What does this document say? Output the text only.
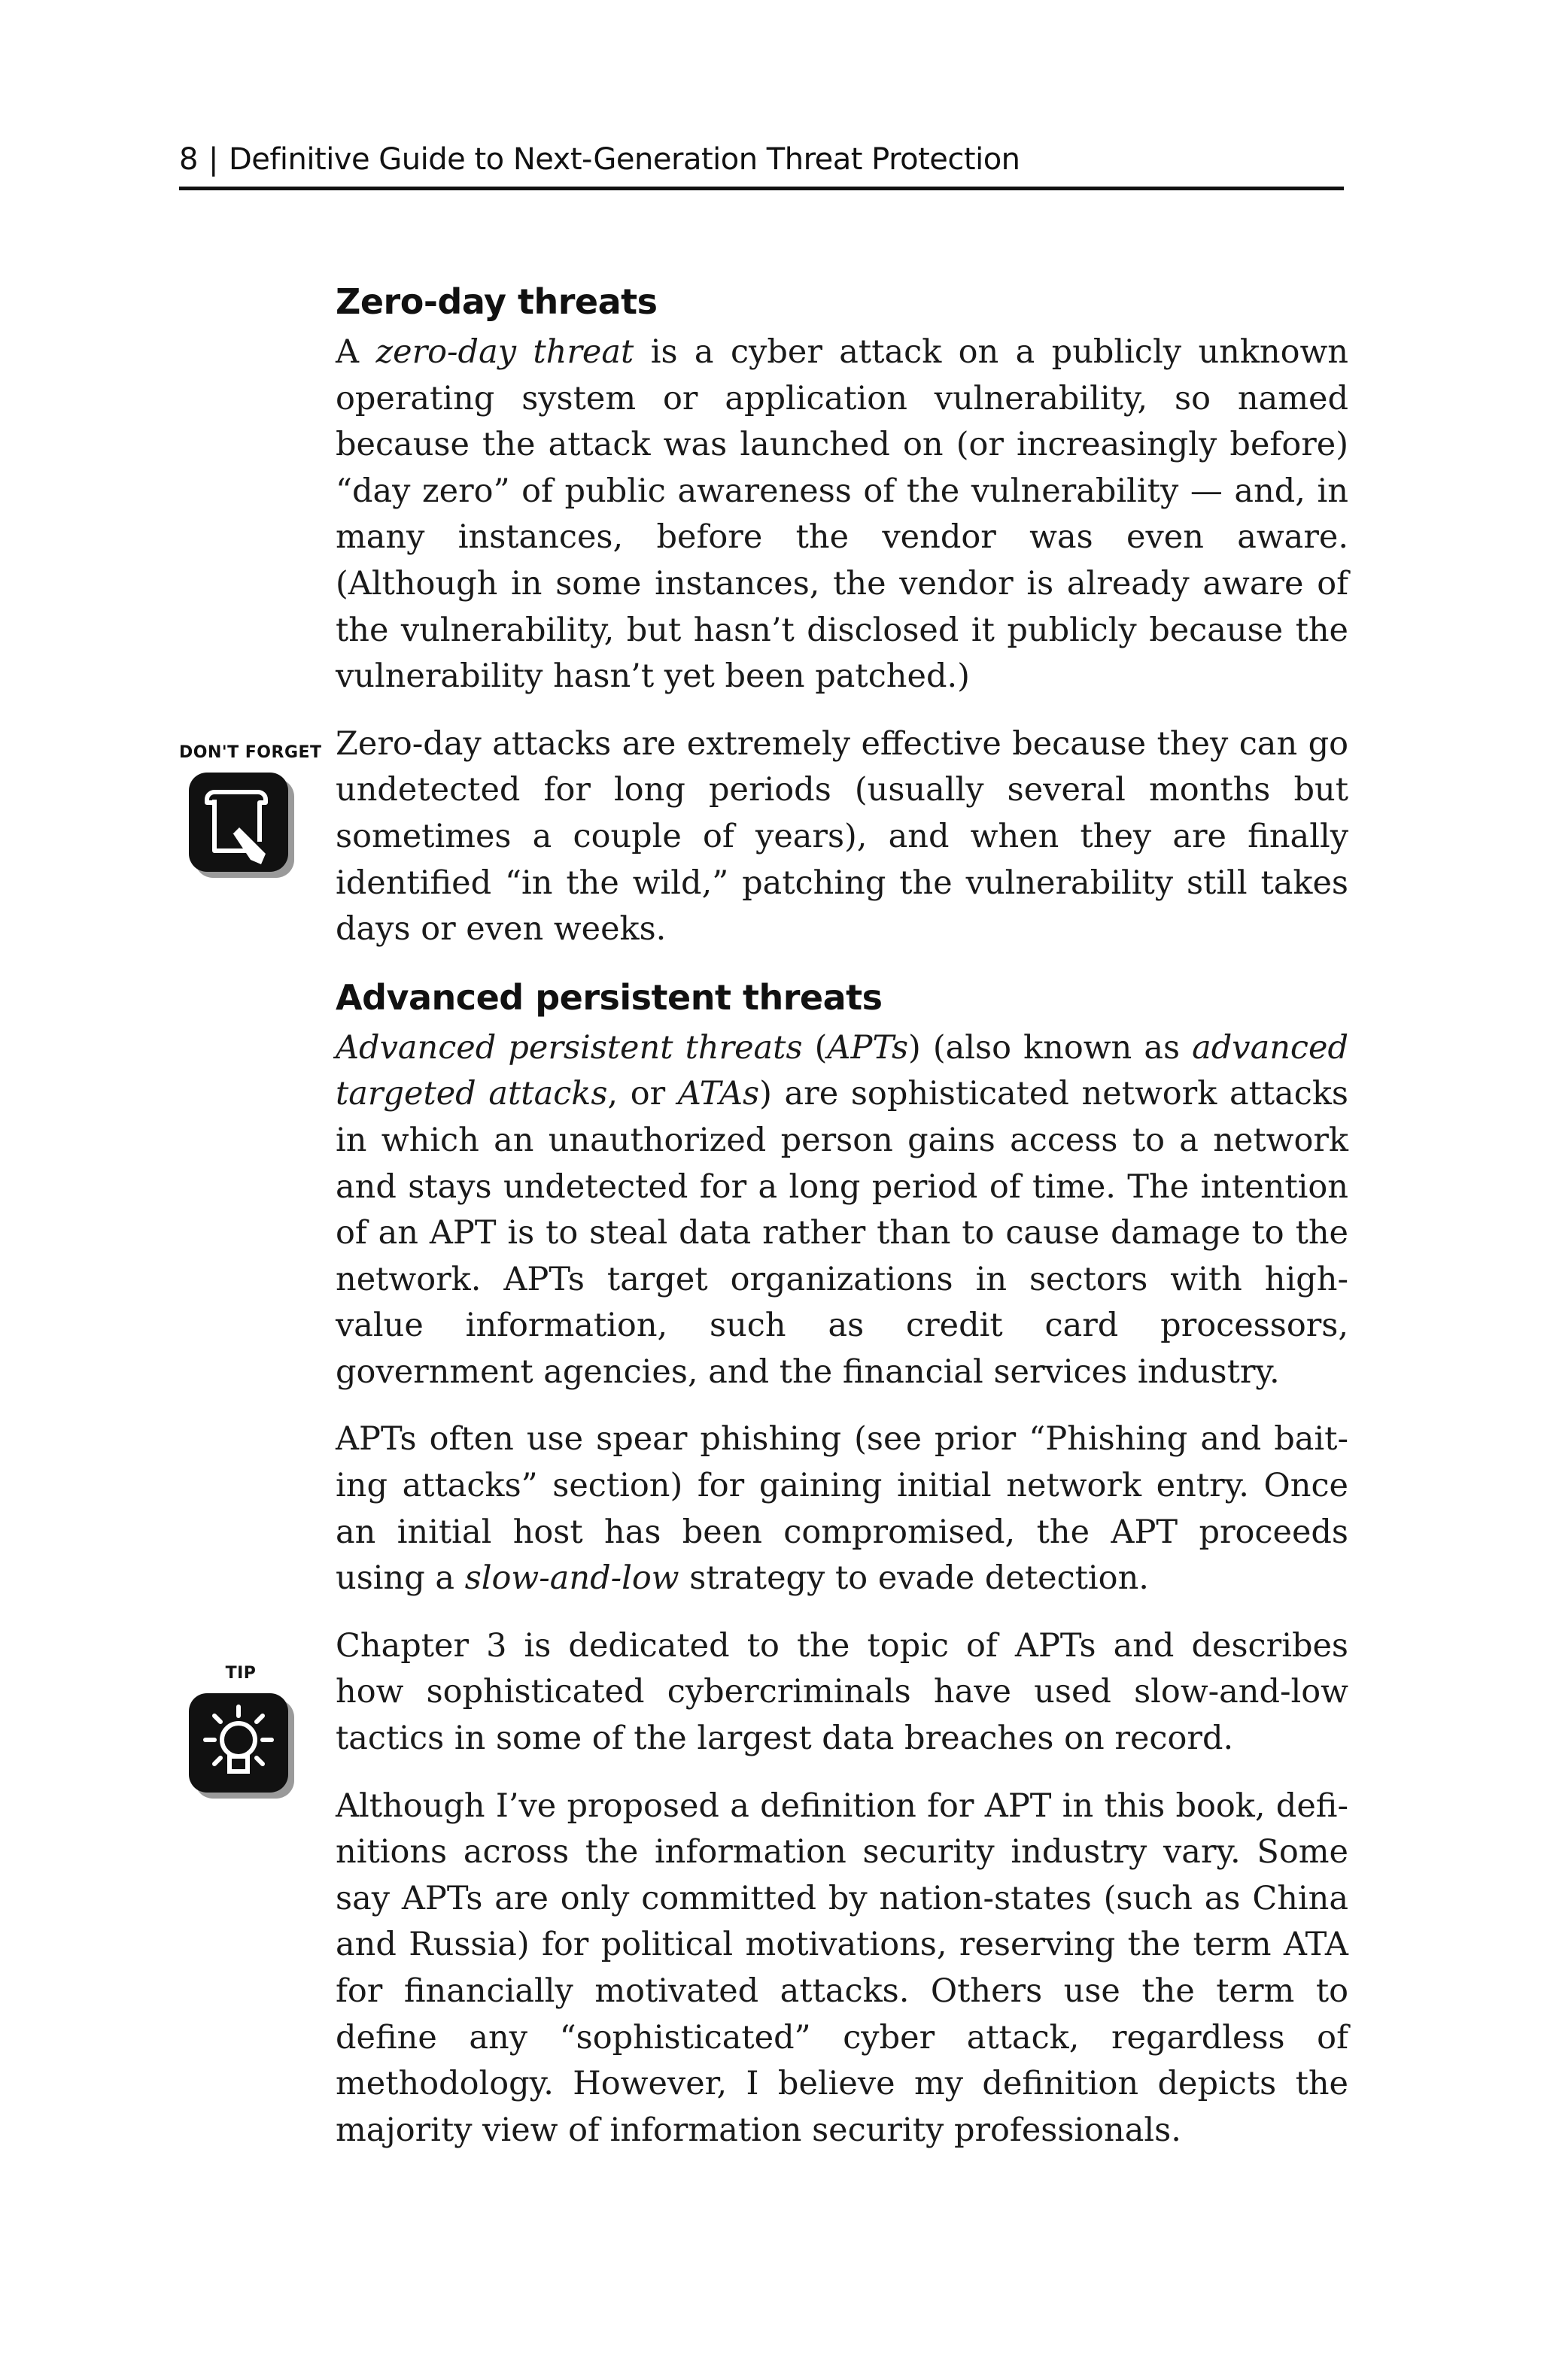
8 | Definitive Guide to Next-Generation Threat Protection
DON'T FORGET
TIP
Zero-day threats

A zero-day threat is a cyber attack on a publicly unknown operating system or application vulnerability, so named because the attack was launched on (or increasingly before) “day zero” of public awareness of the vulnerability — and, in many instances, before the vendor was even aware. (Although in some instances, the vendor is already aware of the vulnerability, but hasn’t disclosed it publicly because the vulnerability hasn’t yet been patched.)

Zero-day attacks are extremely effective because they can go undetected for long periods (usually several months but sometimes a couple of years), and when they are finally identified “in the wild,” patching the vulnerability still takes days or even weeks.

Advanced persistent threats

Advanced persistent threats (APTs) (also known as advanced targeted attacks, or ATAs) are sophisticated network attacks in which an unauthorized person gains access to a network and stays undetected for a long period of time. The intention of an APT is to steal data rather than to cause damage to the network. APTs target organizations in sectors with high-value information, such as credit card processors, government agencies, and the financial services industry.

APTs often use spear phishing (see prior “Phishing and baiting attacks” section) for gaining initial network entry. Once an initial host has been compromised, the APT proceeds using a slow-and-low strategy to evade detection.

Chapter 3 is dedicated to the topic of APTs and describes how sophisticated cybercriminals have used slow-and-low tactics in some of the largest data breaches on record.

Although I’ve proposed a definition for APT in this book, definitions across the information security industry vary. Some say APTs are only committed by nation-states (such as China and Russia) for political motivations, reserving the term ATA for financially motivated attacks. Others use the term to define any “sophisticated” cyber attack, regardless of methodology. However, I believe my definition depicts the majority view of information security professionals.
